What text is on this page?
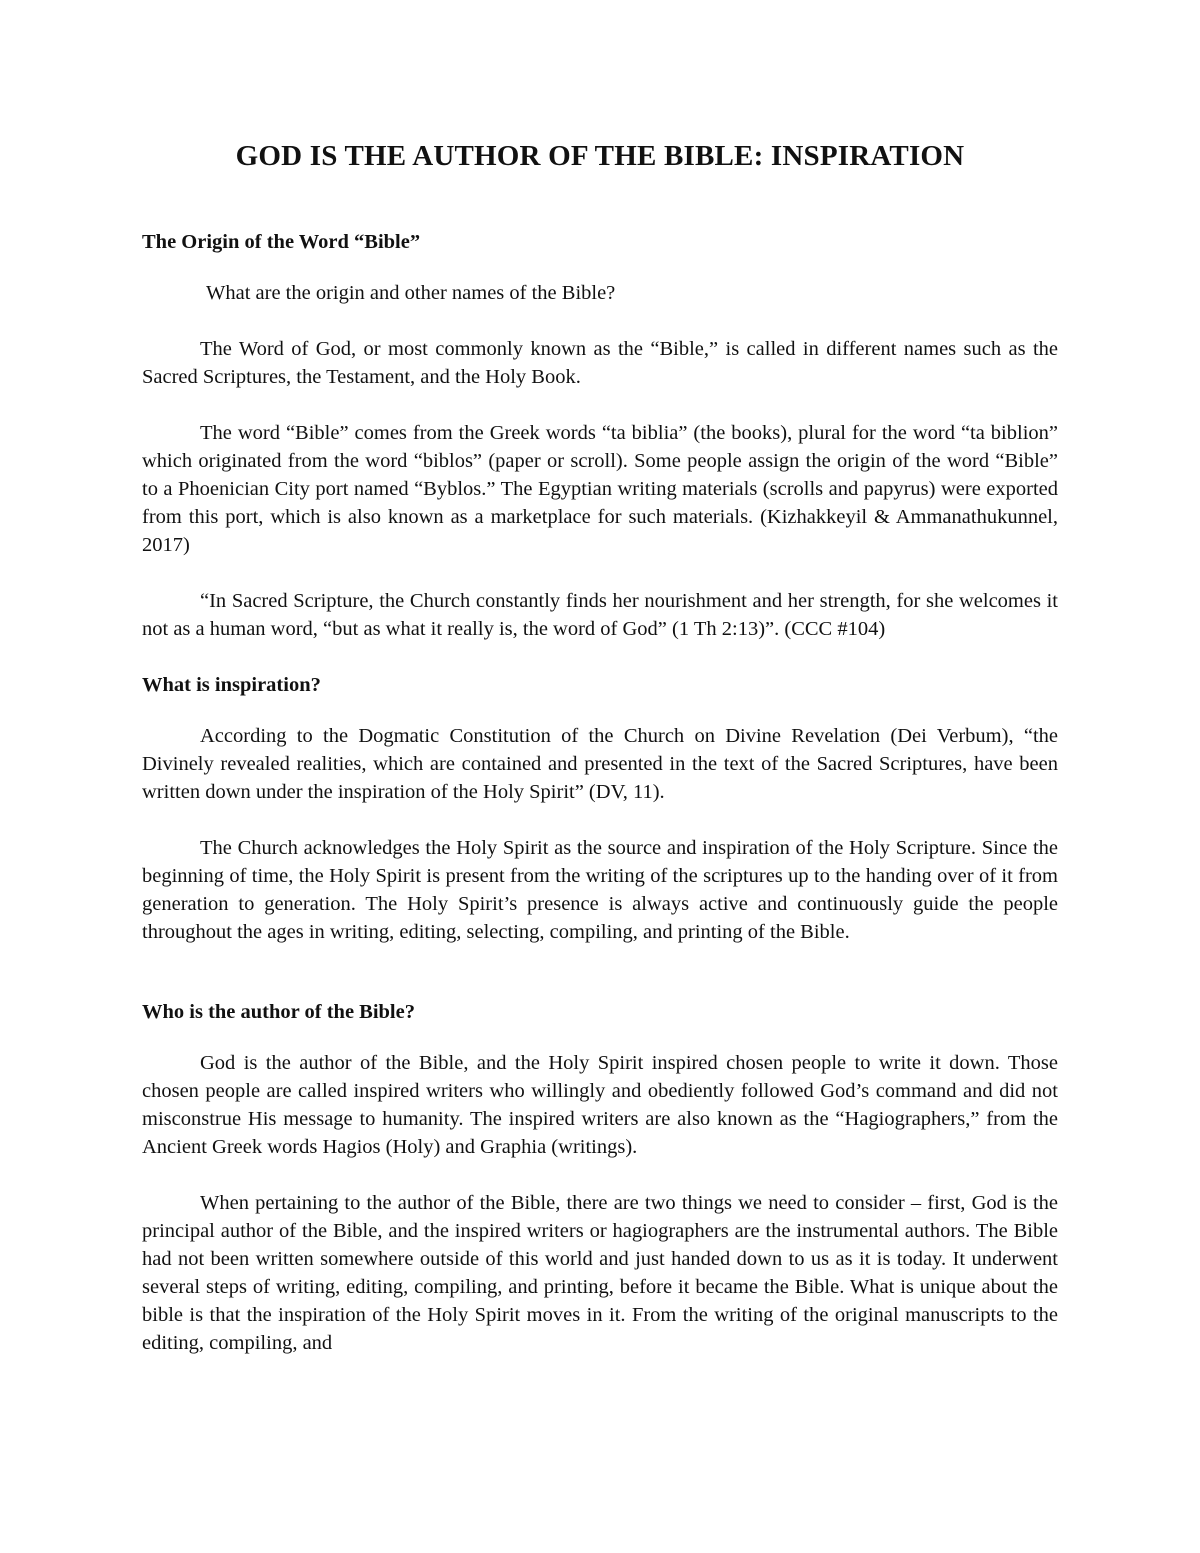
GOD IS THE AUTHOR OF THE BIBLE: INSPIRATION
The Origin of the Word “Bible”

What are the origin and other names of the Bible?

The Word of God, or most commonly known as the “Bible,” is called in different names such as the Sacred Scriptures, the Testament, and the Holy Book.

The word “Bible” comes from the Greek words “ta biblia” (the books), plural for the word “ta biblion” which originated from the word “biblos” (paper or scroll). Some people assign the origin of the word “Bible” to a Phoenician City port named “Byblos.” The Egyptian writing materials (scrolls and papyrus) were exported from this port, which is also known as a marketplace for such materials. (Kizhakkeyil & Ammanathukunnel, 2017)

“In Sacred Scripture, the Church constantly finds her nourishment and her strength, for she welcomes it not as a human word, “but as what it really is, the word of God” (1 Th 2:13)”. (CCC #104)

What is inspiration?

According to the Dogmatic Constitution of the Church on Divine Revelation (Dei Verbum), “the Divinely revealed realities, which are contained and presented in the text of the Sacred Scriptures, have been written down under the inspiration of the Holy Spirit” (DV, 11).

The Church acknowledges the Holy Spirit as the source and inspiration of the Holy Scripture. Since the beginning of time, the Holy Spirit is present from the writing of the scriptures up to the handing over of it from generation to generation. The Holy Spirit’s presence is always active and continuously guide the people throughout the ages in writing, editing, selecting, compiling, and printing of the Bible.

Who is the author of the Bible?

God is the author of the Bible, and the Holy Spirit inspired chosen people to write it down. Those chosen people are called inspired writers who willingly and obediently followed God’s command and did not misconstrue His message to humanity. The inspired writers are also known as the “Hagiographers,” from the Ancient Greek words Hagios (Holy) and Graphia (writings).

When pertaining to the author of the Bible, there are two things we need to consider – first, God is the principal author of the Bible, and the inspired writers or hagiographers are the instrumental authors. The Bible had not been written somewhere outside of this world and just handed down to us as it is today. It underwent several steps of writing, editing, compiling, and printing, before it became the Bible. What is unique about the bible is that the inspiration of the Holy Spirit moves in it. From the writing of the original manuscripts to the editing, compiling, and
